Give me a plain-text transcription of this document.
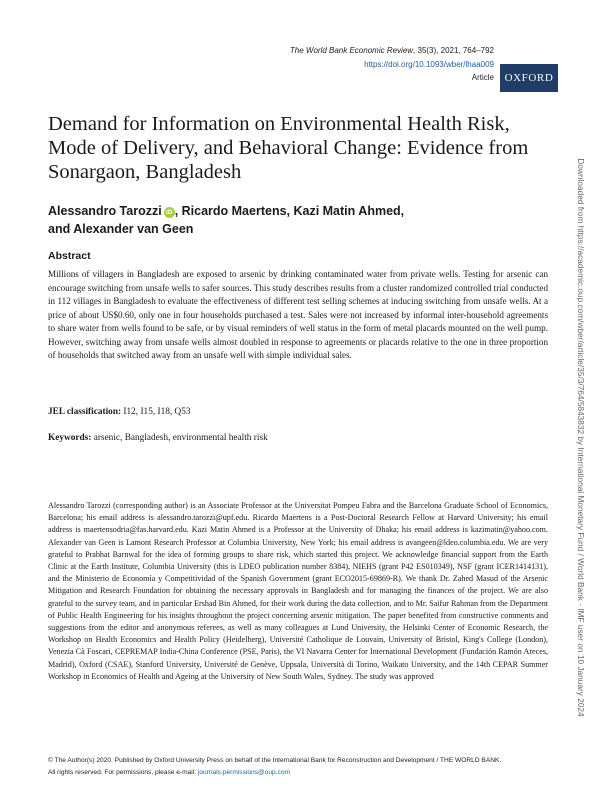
The World Bank Economic Review, 35(3), 2021, 764–792
https://doi.org/10.1093/wber/lhaa009
Article OXFORD
Downloaded from https://academic.oup.com/wber/article/35/3/764/5843832 by International Monetary Fund / World Bank - IMF user on 10 January 2024
Demand for Information on Environmental Health Risk, Mode of Delivery, and Behavioral Change: Evidence from Sonargaon, Bangladesh
Alessandro Tarozzi iD , Ricardo Maertens, Kazi Matin Ahmed,
and Alexander van Geen
Abstract

Millions of villagers in Bangladesh are exposed to arsenic by drinking contaminated water from private wells. Testing for arsenic can encourage switching from unsafe wells to safer sources. This study describes results from a cluster randomized controlled trial conducted in 112 villages in Bangladesh to evaluate the effectiveness of different test selling schemes at inducing switching from unsafe wells. At a price of about US$0.60, only one in four households purchased a test. Sales were not increased by informal inter-household agreements to share water from wells found to be safe, or by visual reminders of well status in the form of metal placards mounted on the well pump. However, switching away from unsafe wells almost doubled in response to agreements or placards relative to the one in three proportion of households that switched away from an unsafe well with simple individual sales.

JEL classification: I12, I15, I18, Q53

Keywords: arsenic, Bangladesh, environmental health risk

Alessandro Tarozzi (corresponding author) is an Associate Professor at the Universitat Pompeu Fabra and the Barcelona Graduate School of Economics, Barcelona; his email address is alessandro.tarozzi@upf.edu. Ricardo Maertens is a Post-Doctoral Research Fellow at Harvard University; his email address is maertensodria@fas.harvard.edu. Kazi Matin Ahmed is a Professor at the University of Dhaka; his email address is kazimatin@yahoo.com. Alexander van Geen is Lamont Research Professor at Columbia University, New York; his email address is avangeen@ldeo.columbia.edu. We are very grateful to Prabhat Barnwal for the idea of forming groups to share risk, which started this project. We acknowledge financial support from the Earth Clinic at the Earth Institute, Columbia University (this is LDEO publication number 8384), NIEHS (grant P42 ES010349), NSF (grant ICER1414131), and the Ministerio de Economía y Competitividad of the Spanish Government (grant ECO2015-69869-R). We thank Dr. Zahed Masud of the Arsenic Mitigation and Research Foundation for obtaining the necessary approvals in Bangladesh and for managing the finances of the project. We are also grateful to the survey team, and in particular Ershad Bin Ahmed, for their work during the data collection, and to Mr. Saifur Rahman from the Department of Public Health Engineering for his insights throughout the project concerning arsenic mitigation. The paper benefited from constructive comments and suggestions from the editor and anonymous referees, as well as many colleagues at Lund University, the Helsinki Center of Economic Research, the Workshop on Health Economics and Health Policy (Heidelberg), Université Catholique de Louvain, University of Bristol, King's College (London), Venezia Cà Foscari, CEPREMAP India-China Conference (PSE, Paris), the VI Navarra Center for International Development (Fundación Ramón Areces, Madrid), Oxford (CSAE), Stanford University, Université de Genève, Uppsala, Università di Torino, Waikato University, and the 14th CEPAR Summer Workshop in Economics of Health and Ageing at the University of New South Wales, Sydney. The study was approved

© The Author(s) 2020. Published by Oxford University Press on behalf of the International Bank for Reconstruction and Development / THE WORLD BANK.
All rights reserved. For permissions, please e-mail: journals.permissions@oup.com
